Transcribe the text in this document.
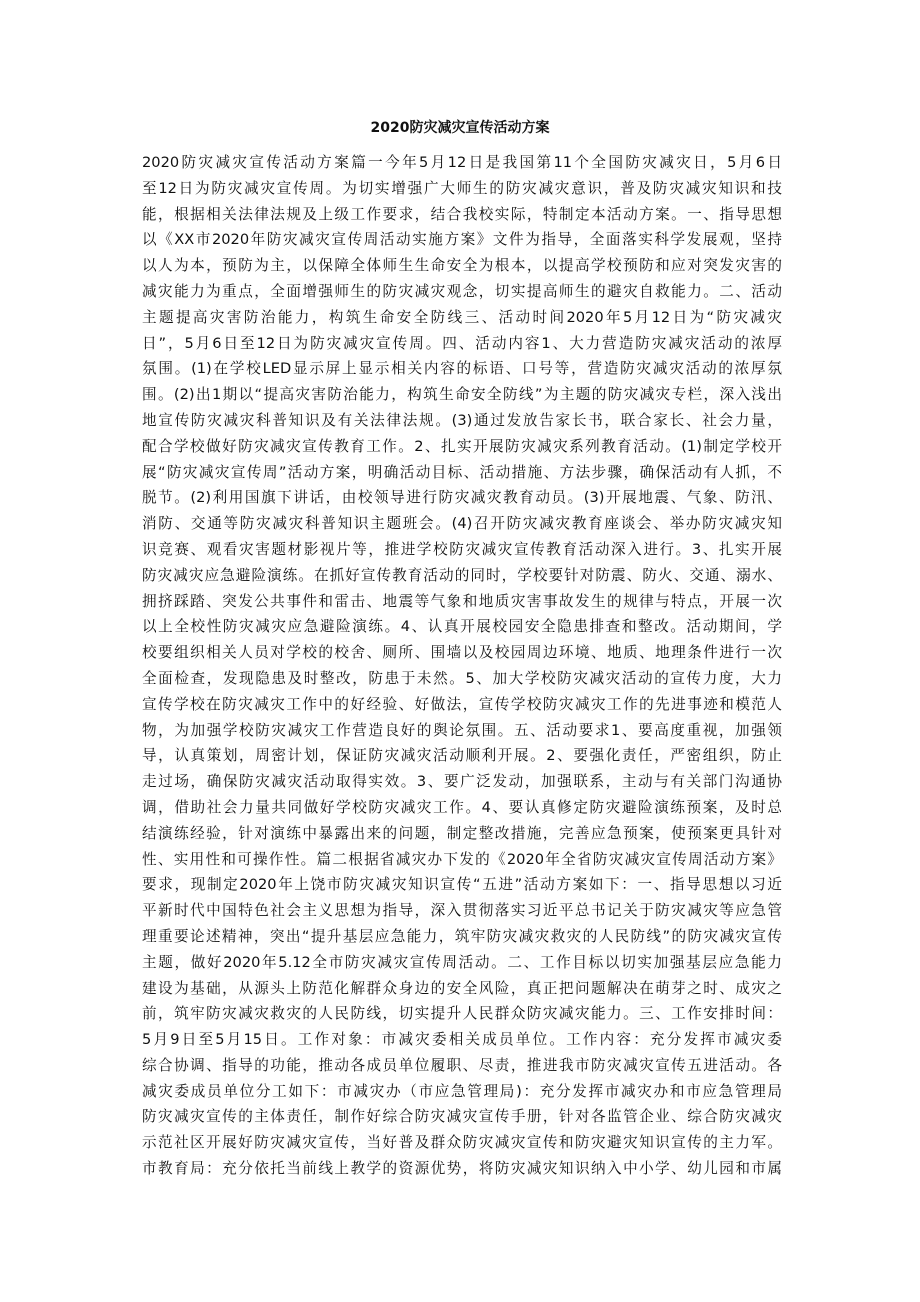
2020防灾减灾宣传活动方案
2020防灾减灾宣传活动方案篇一今年5月12日是我国第11个全国防灾减灾日，5月6日
至12日为防灾减灾宣传周。为切实增强广大师生的防灾减灾意识，普及防灾减灾知识和技
能，根据相关法律法规及上级工作要求，结合我校实际，特制定本活动方案。一、指导思想
以《XX市2020年防灾减灾宣传周活动实施方案》文件为指导，全面落实科学发展观，坚持
以人为本，预防为主，以保障全体师生生命安全为根本，以提高学校预防和应对突发灾害的
减灾能力为重点，全面增强师生的防灾减灾观念，切实提高师生的避灾自救能力。二、活动
主题提高灾害防治能力，构筑生命安全防线三、活动时间2020年5月12日为“防灾减灾
日”，5月6日至12日为防灾减灾宣传周。四、活动内容1、大力营造防灾减灾活动的浓厚
氛围。(1)在学校LED显示屏上显示相关内容的标语、口号等，营造防灾减灾活动的浓厚氛
围。(2)出1期以“提高灾害防治能力，构筑生命安全防线”为主题的防灾减灾专栏，深入浅出
地宣传防灾减灾科普知识及有关法律法规。(3)通过发放告家长书，联合家长、社会力量，
配合学校做好防灾减灾宣传教育工作。2、扎实开展防灾减灾系列教育活动。(1)制定学校开
展“防灾减灾宣传周”活动方案，明确活动目标、活动措施、方法步骤，确保活动有人抓，不
脱节。(2)利用国旗下讲话，由校领导进行防灾减灾教育动员。(3)开展地震、气象、防汛、
消防、交通等防灾减灾科普知识主题班会。(4)召开防灾减灾教育座谈会、举办防灾减灾知
识竞赛、观看灾害题材影视片等，推进学校防灾减灾宣传教育活动深入进行。3、扎实开展
防灾减灾应急避险演练。在抓好宣传教育活动的同时，学校要针对防震、防火、交通、溺水、
拥挤踩踏、突发公共事件和雷击、地震等气象和地质灾害事故发生的规律与特点，开展一次
以上全校性防灾减灾应急避险演练。4、认真开展校园安全隐患排查和整改。活动期间，学
校要组织相关人员对学校的校舍、厕所、围墙以及校园周边环境、地质、地理条件进行一次
全面检查，发现隐患及时整改，防患于未然。5、加大学校防灾减灾活动的宣传力度，大力
宣传学校在防灾减灾工作中的好经验、好做法，宣传学校防灾减灾工作的先进事迹和模范人
物，为加强学校防灾减灾工作营造良好的舆论氛围。五、活动要求1、要高度重视，加强领
导，认真策划，周密计划，保证防灾减灾活动顺利开展。2、要强化责任，严密组织，防止
走过场，确保防灾减灾活动取得实效。3、要广泛发动，加强联系，主动与有关部门沟通协
调，借助社会力量共同做好学校防灾减灾工作。4、要认真修定防灾避险演练预案，及时总
结演练经验，针对演练中暴露出来的问题，制定整改措施，完善应急预案，使预案更具针对
性、实用性和可操作性。篇二根据省减灾办下发的《2020年全省防灾减灾宣传周活动方案》
要求，现制定2020年上饶市防灾减灾知识宣传“五进”活动方案如下：一、指导思想以习近
平新时代中国特色社会主义思想为指导，深入贯彻落实习近平总书记关于防灾减灾等应急管
理重要论述精神，突出“提升基层应急能力，筑牢防灾减灾救灾的人民防线”的防灾减灾宣传
主题，做好2020年5.12全市防灾减灾宣传周活动。二、工作目标以切实加强基层应急能力
建设为基础，从源头上防范化解群众身边的安全风险，真正把问题解决在萌芽之时、成灾之
前，筑牢防灾减灾救灾的人民防线，切实提升人民群众防灾减灾能力。三、工作安排时间：
5月9日至5月15日。工作对象：市减灾委相关成员单位。工作内容：充分发挥市减灾委
综合协调、指导的功能，推动各成员单位履职、尽责，推进我市防灾减灾宣传五进活动。各
减灾委成员单位分工如下：市减灾办（市应急管理局)：充分发挥市减灾办和市应急管理局
防灾减灾宣传的主体责任，制作好综合防灾减灾宣传手册，针对各监管企业、综合防灾减灾
示范社区开展好防灾减灾宣传，当好普及群众防灾减灾宣传和防灾避灾知识宣传的主力军。
市教育局：充分依托当前线上教学的资源优势，将防灾减灾知识纳入中小学、幼儿园和市属
